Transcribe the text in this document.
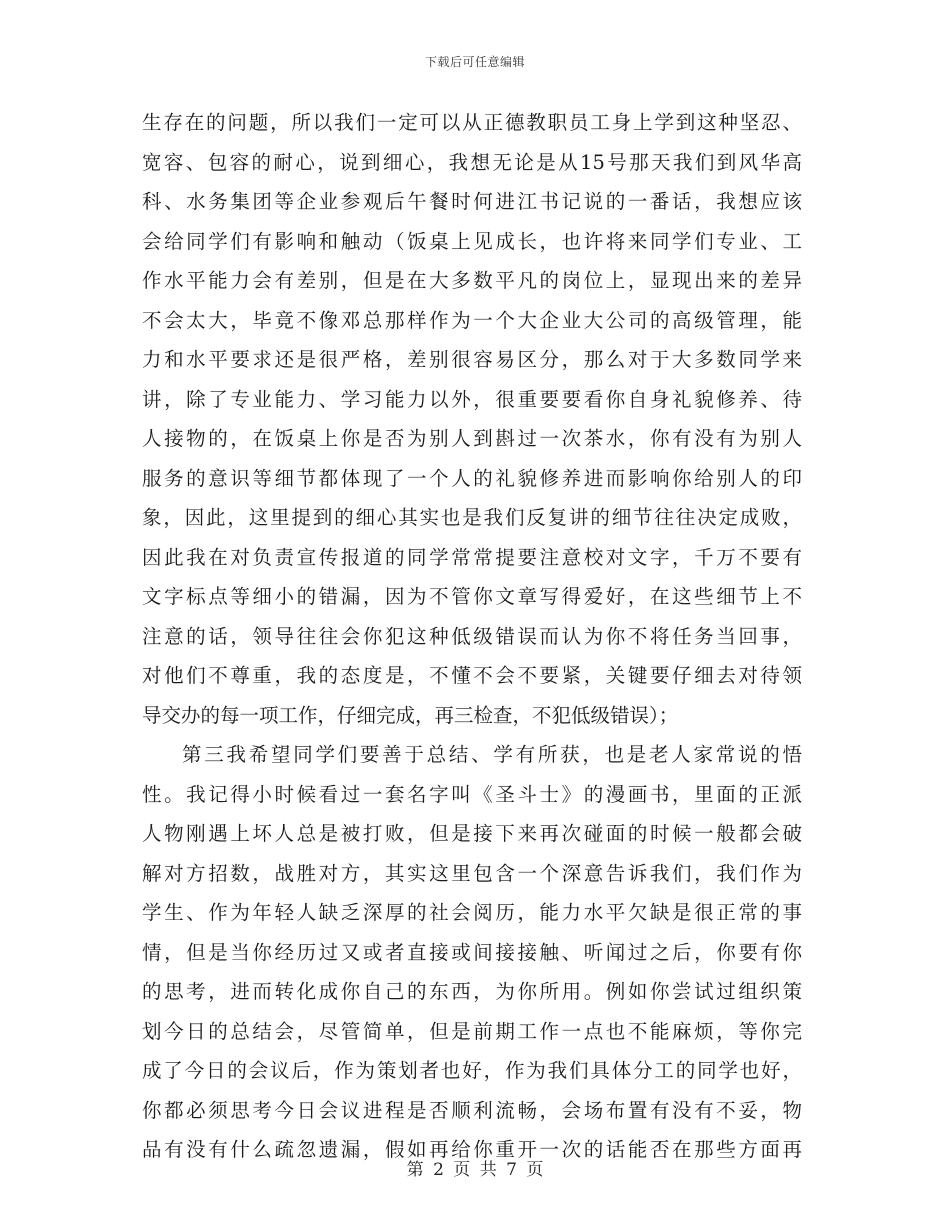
下载后可任意编辑
生存在的问题，所以我们一定可以从正德教职员工身上学到这种坚忍、
宽容、包容的耐心，说到细心，我想无论是从15号那天我们到风华高
科、水务集团等企业参观后午餐时何进江书记说的一番话，我想应该
会给同学们有影响和触动（饭桌上见成长，也许将来同学们专业、工
作水平能力会有差别，但是在大多数平凡的岗位上，显现出来的差异
不会太大，毕竟不像邓总那样作为一个大企业大公司的高级管理，能
力和水平要求还是很严格，差别很容易区分，那么对于大多数同学来
讲，除了专业能力、学习能力以外，很重要要看你自身礼貌修养、待
人接物的，在饭桌上你是否为别人到斟过一次茶水，你有没有为别人
服务的意识等细节都体现了一个人的礼貌修养进而影响你给别人的印
象，因此，这里提到的细心其实也是我们反复讲的细节往往决定成败，
因此我在对负责宣传报道的同学常常提要注意校对文字，千万不要有
文字标点等细小的错漏，因为不管你文章写得爱好，在这些细节上不
注意的话，领导往往会你犯这种低级错误而认为你不将任务当回事，
对他们不尊重，我的态度是，不懂不会不要紧，关键要仔细去对待领
导交办的每一项工作，仔细完成，再三检查，不犯低级错误）；
第三我希望同学们要善于总结、学有所获，也是老人家常说的悟
性。我记得小时候看过一套名字叫《圣斗士》的漫画书，里面的正派
人物刚遇上坏人总是被打败，但是接下来再次碰面的时候一般都会破
解对方招数，战胜对方，其实这里包含一个深意告诉我们，我们作为
学生、作为年轻人缺乏深厚的社会阅历，能力水平欠缺是很正常的事
情，但是当你经历过又或者直接或间接接触、听闻过之后，你要有你
的思考，进而转化成你自己的东西，为你所用。例如你尝试过组织策
划今日的总结会，尽管简单，但是前期工作一点也不能麻烦，等你完
成了今日的会议后，作为策划者也好，作为我们具体分工的同学也好，
你都必须思考今日会议进程是否顺利流畅，会场布置有没有不妥，物
品有没有什么疏忽遗漏，假如再给你重开一次的话能否在那些方面再
第 2 页 共 7 页
